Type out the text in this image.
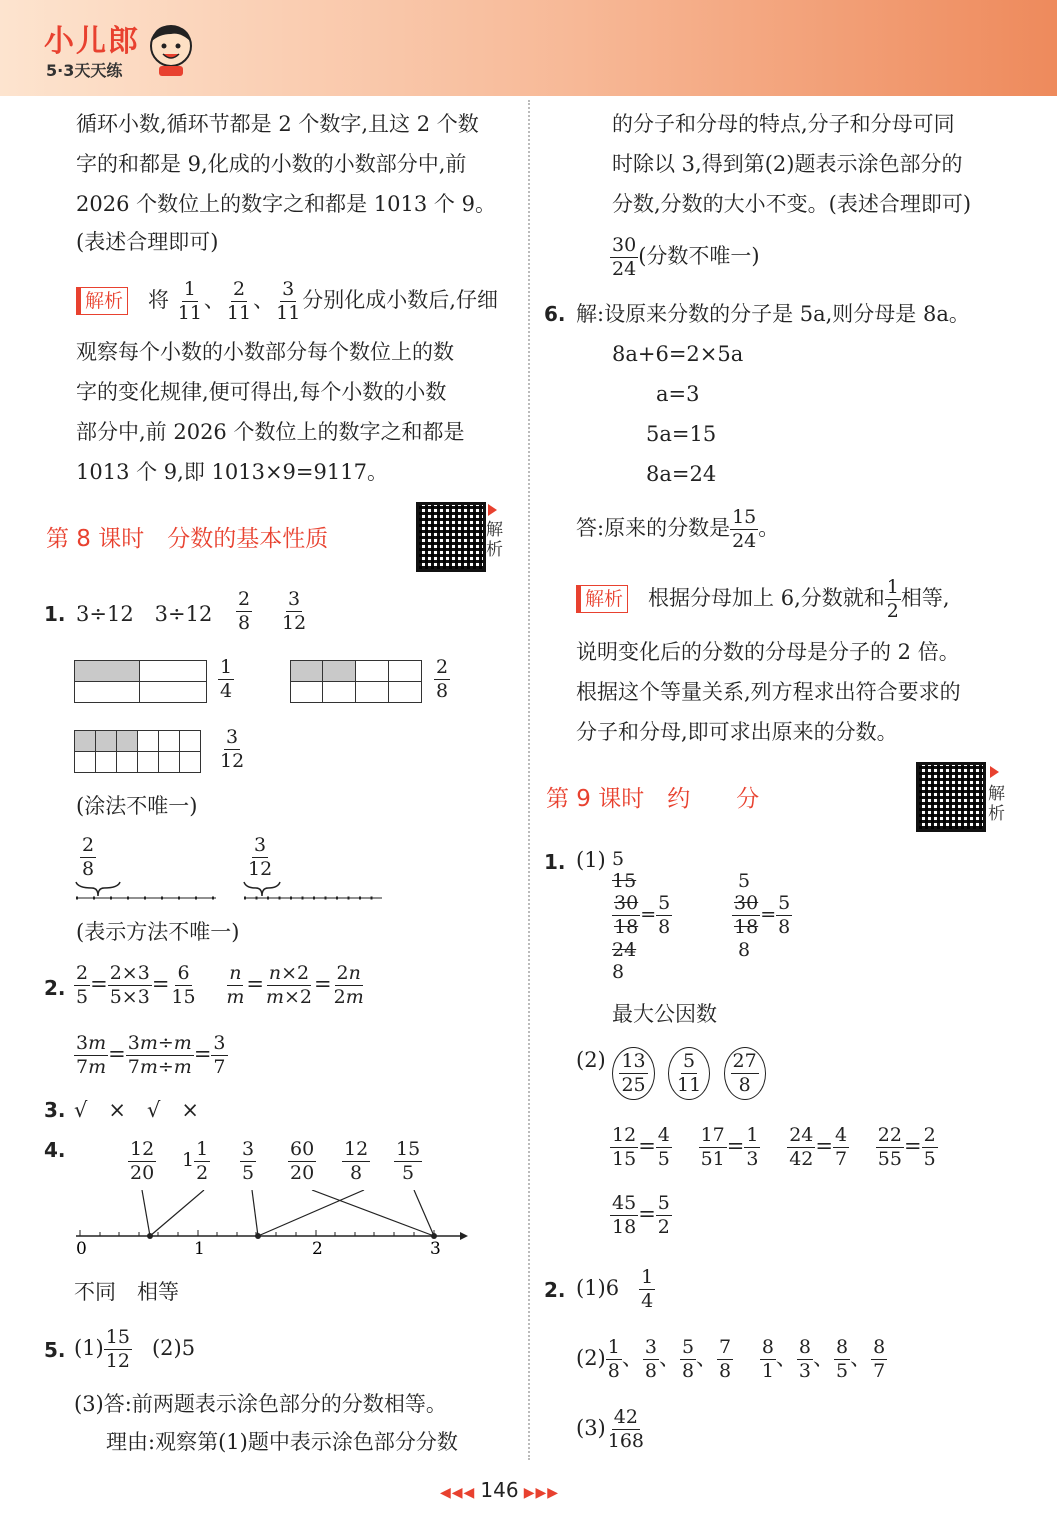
小儿郎
5·3天天练
循环小数,循环节都是 2 个数字,且这 2 个数
字的和都是 9,化成的小数的小数部分中,前
2026 个数位上的数字之和都是 1013 个 9。
(表述合理即可)
解析 将 $\frac{1}{11}$ 、 $\frac{2}{11}$ 、 $\frac{3}{11}$ 分别化成小数后,仔细
观察每个小数的小数部分每个数位上的数
字的变化规律,便可得出,每个小数的小数
部分中,前 2026 个数位上的数字之和都是
1013 个 9,即 1013×9=9117。
第 8 课时　分数的基本性质	解析
1. 3÷12　$3\div 12 \frac{2}{8} \frac{3}{12}$

$\frac{1}{4}$

				$\frac{2}{8}$

$\frac{3}{12}$
(涂法不唯一)
$\frac{2}{8}$	$\frac{3}{12}$
(表示方法不唯一)
2. $\frac{2}{5} = \frac{2\times 3}{5\times 3} = \frac{6}{15}$
$\frac{n}{m} = \frac{n\times 2}{m\times 2} = \frac{2n}{2m}$
$\frac{3m}{7m} = \frac{3m\div m}{7m\div m} = \frac{3}{7}$
3. √　×　√　×
4.	$\frac{12}{20} 1 \frac{1}{2} \frac{3}{5} \frac{60}{20} \frac{12}{8} \frac{15}{5}$
0	1	2	3
不同　相等
5. $(1) \frac{15}{12} (2)5$
(3)答:前两题表示涂色部分的分数相等。
理由:观察第(1)题中表示涂色部分分数
的分子和分母的特点,分子和分母可同
时除以 3,得到第(2)题表示涂色部分的
分数,分数的大小不变。(表述合理即可)
$\frac{30}{24}$ (分数不唯一)
6. 解:设原来分数的分子是 5a,则分母是 8a。
8a+6=2×5a
a=3
5a=15
8a=24
答:原来的分数是 $\frac{15}{24}$ 。
解析 根据分母加上 6,分数就和 $\frac{1}{2}$ 相等,
说明变化后的分数的分母是分子的 2 倍。
根据这个等量关系,列方程求出符合要求的
分子和分母,即可求出原来的分数。
第 9 课时　约　　分	解析
1. (1) 5
15
$\frac{30}{18} = \frac{5}{8}$
24
8
5
$\frac{30}{18} = \frac{5}{8}$
8
最大公因数
$(2) \frac{13}{25}$
$\frac{5}{11}$
$\frac{27}{8}$
$\frac{12}{15} = \frac{4}{5}$
$\frac{17}{51} = \frac{1}{3}$
$\frac{24}{42} = \frac{4}{7}$
$\frac{22}{55} = \frac{2}{5}$
$\frac{45}{18} = \frac{5}{2}$
2. $(1)6 \frac{1}{4}$
$(2) \frac{1}{8}$ 、 $\frac{3}{8}$ 、 $\frac{5}{8}$ 、 $\frac{7}{8}$
$\frac{8}{1}$ 、 $\frac{8}{3}$ 、 $\frac{8}{5}$ 、 $\frac{8}{7}$
$(3) \frac{42}{168}$
◀◀◀ 146 ▶▶▶
